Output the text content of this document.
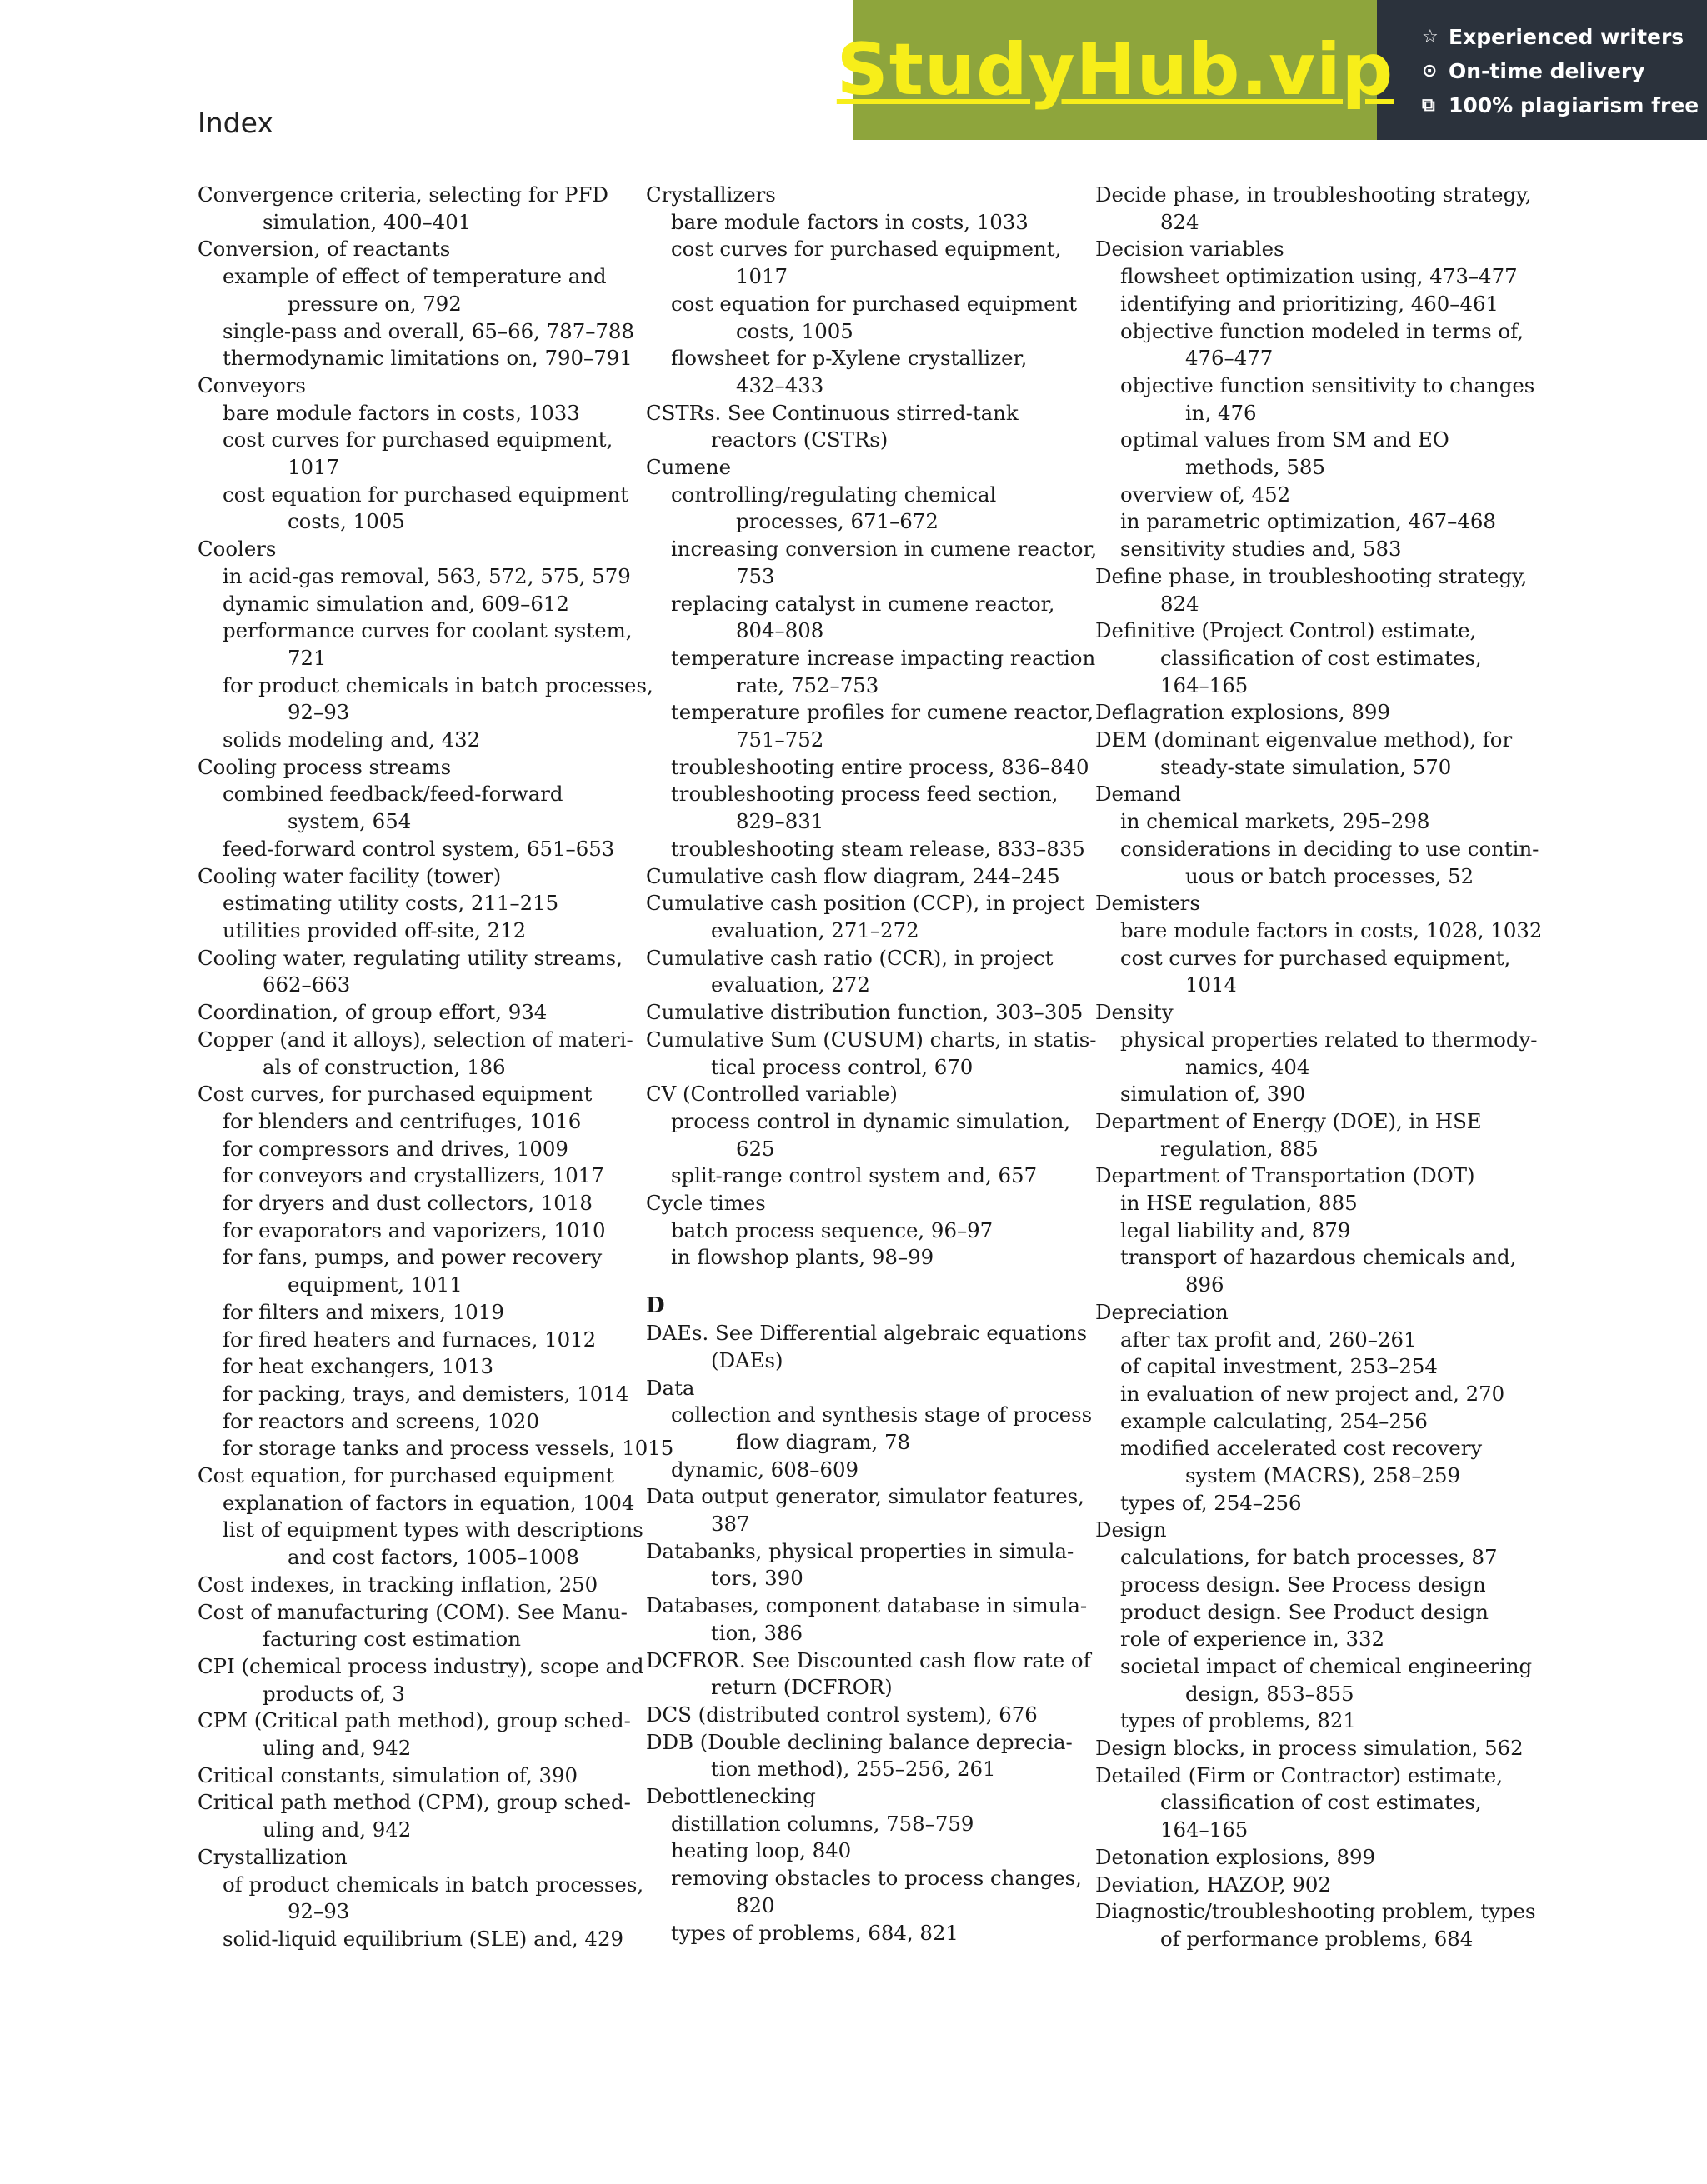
StudyHub.vip ☆ Experienced writers
⊙ On-time delivery
⧉ 100% plagiarism free
Index

Convergence criteria, selecting for PFD

simulation, 400–401

Conversion, of reactants

example of effect of temperature and

pressure on, 792

single-pass and overall, 65–66, 787–788

thermodynamic limitations on, 790–791

Conveyors

bare module factors in costs, 1033

cost curves for purchased equipment,

1017

cost equation for purchased equipment

costs, 1005

Coolers

in acid-gas removal, 563, 572, 575, 579

dynamic simulation and, 609–612

performance curves for coolant system,

721

for product chemicals in batch processes,

92–93

solids modeling and, 432

Cooling process streams

combined feedback/feed-forward

system, 654

feed-forward control system, 651–653

Cooling water facility (tower)

estimating utility costs, 211–215

utilities provided off-site, 212

Cooling water, regulating utility streams,

662–663

Coordination, of group effort, 934

Copper (and it alloys), selection of materi-

als of construction, 186

Cost curves, for purchased equipment

for blenders and centrifuges, 1016

for compressors and drives, 1009

for conveyors and crystallizers, 1017

for dryers and dust collectors, 1018

for evaporators and vaporizers, 1010

for fans, pumps, and power recovery

equipment, 1011

for filters and mixers, 1019

for fired heaters and furnaces, 1012

for heat exchangers, 1013

for packing, trays, and demisters, 1014

for reactors and screens, 1020

for storage tanks and process vessels, 1015

Cost equation, for purchased equipment

explanation of factors in equation, 1004

list of equipment types with descriptions

and cost factors, 1005–1008

Cost indexes, in tracking inflation, 250

Cost of manufacturing (COM). See Manu-

facturing cost estimation

CPI (chemical process industry), scope and

products of, 3

CPM (Critical path method), group sched-

uling and, 942

Critical constants, simulation of, 390

Critical path method (CPM), group sched-

uling and, 942

Crystallization

of product chemicals in batch processes,

92–93

solid-liquid equilibrium (SLE) and, 429

Crystallizers

bare module factors in costs, 1033

cost curves for purchased equipment,

1017

cost equation for purchased equipment

costs, 1005

flowsheet for p-Xylene crystallizer,

432–433

CSTRs. See Continuous stirred-tank

reactors (CSTRs)

Cumene

controlling/regulating chemical

processes, 671–672

increasing conversion in cumene reactor,

753

replacing catalyst in cumene reactor,

804–808

temperature increase impacting reaction

rate, 752–753

temperature profiles for cumene reactor,

751–752

troubleshooting entire process, 836–840

troubleshooting process feed section,

829–831

troubleshooting steam release, 833–835

Cumulative cash flow diagram, 244–245

Cumulative cash position (CCP), in project

evaluation, 271–272

Cumulative cash ratio (CCR), in project

evaluation, 272

Cumulative distribution function, 303–305

Cumulative Sum (CUSUM) charts, in statis-

tical process control, 670

CV (Controlled variable)

process control in dynamic simulation,

625

split-range control system and, 657

Cycle times

batch process sequence, 96–97

in flowshop plants, 98–99

D

DAEs. See Differential algebraic equations

(DAEs)

Data

collection and synthesis stage of process

flow diagram, 78

dynamic, 608–609

Data output generator, simulator features,

387

Databanks, physical properties in simula-

tors, 390

Databases, component database in simula-

tion, 386

DCFROR. See Discounted cash flow rate of

return (DCFROR)

DCS (distributed control system), 676

DDB (Double declining balance deprecia-

tion method), 255–256, 261

Debottlenecking

distillation columns, 758–759

heating loop, 840

removing obstacles to process changes,

820

types of problems, 684, 821

Decide phase, in troubleshooting strategy,

824

Decision variables

flowsheet optimization using, 473–477

identifying and prioritizing, 460–461

objective function modeled in terms of,

476–477

objective function sensitivity to changes

in, 476

optimal values from SM and EO

methods, 585

overview of, 452

in parametric optimization, 467–468

sensitivity studies and, 583

Define phase, in troubleshooting strategy,

824

Definitive (Project Control) estimate,

classification of cost estimates,

164–165

Deflagration explosions, 899

DEM (dominant eigenvalue method), for

steady-state simulation, 570

Demand

in chemical markets, 295–298

considerations in deciding to use contin-

uous or batch processes, 52

Demisters

bare module factors in costs, 1028, 1032

cost curves for purchased equipment,

1014

Density

physical properties related to thermody-

namics, 404

simulation of, 390

Department of Energy (DOE), in HSE

regulation, 885

Department of Transportation (DOT)

in HSE regulation, 885

legal liability and, 879

transport of hazardous chemicals and,

896

Depreciation

after tax profit and, 260–261

of capital investment, 253–254

in evaluation of new project and, 270

example calculating, 254–256

modified accelerated cost recovery

system (MACRS), 258–259

types of, 254–256

Design

calculations, for batch processes, 87

process design. See Process design

product design. See Product design

role of experience in, 332

societal impact of chemical engineering

design, 853–855

types of problems, 821

Design blocks, in process simulation, 562

Detailed (Firm or Contractor) estimate,

classification of cost estimates,

164–165

Detonation explosions, 899

Deviation, HAZOP, 902

Diagnostic/troubleshooting problem, types

of performance problems, 684
